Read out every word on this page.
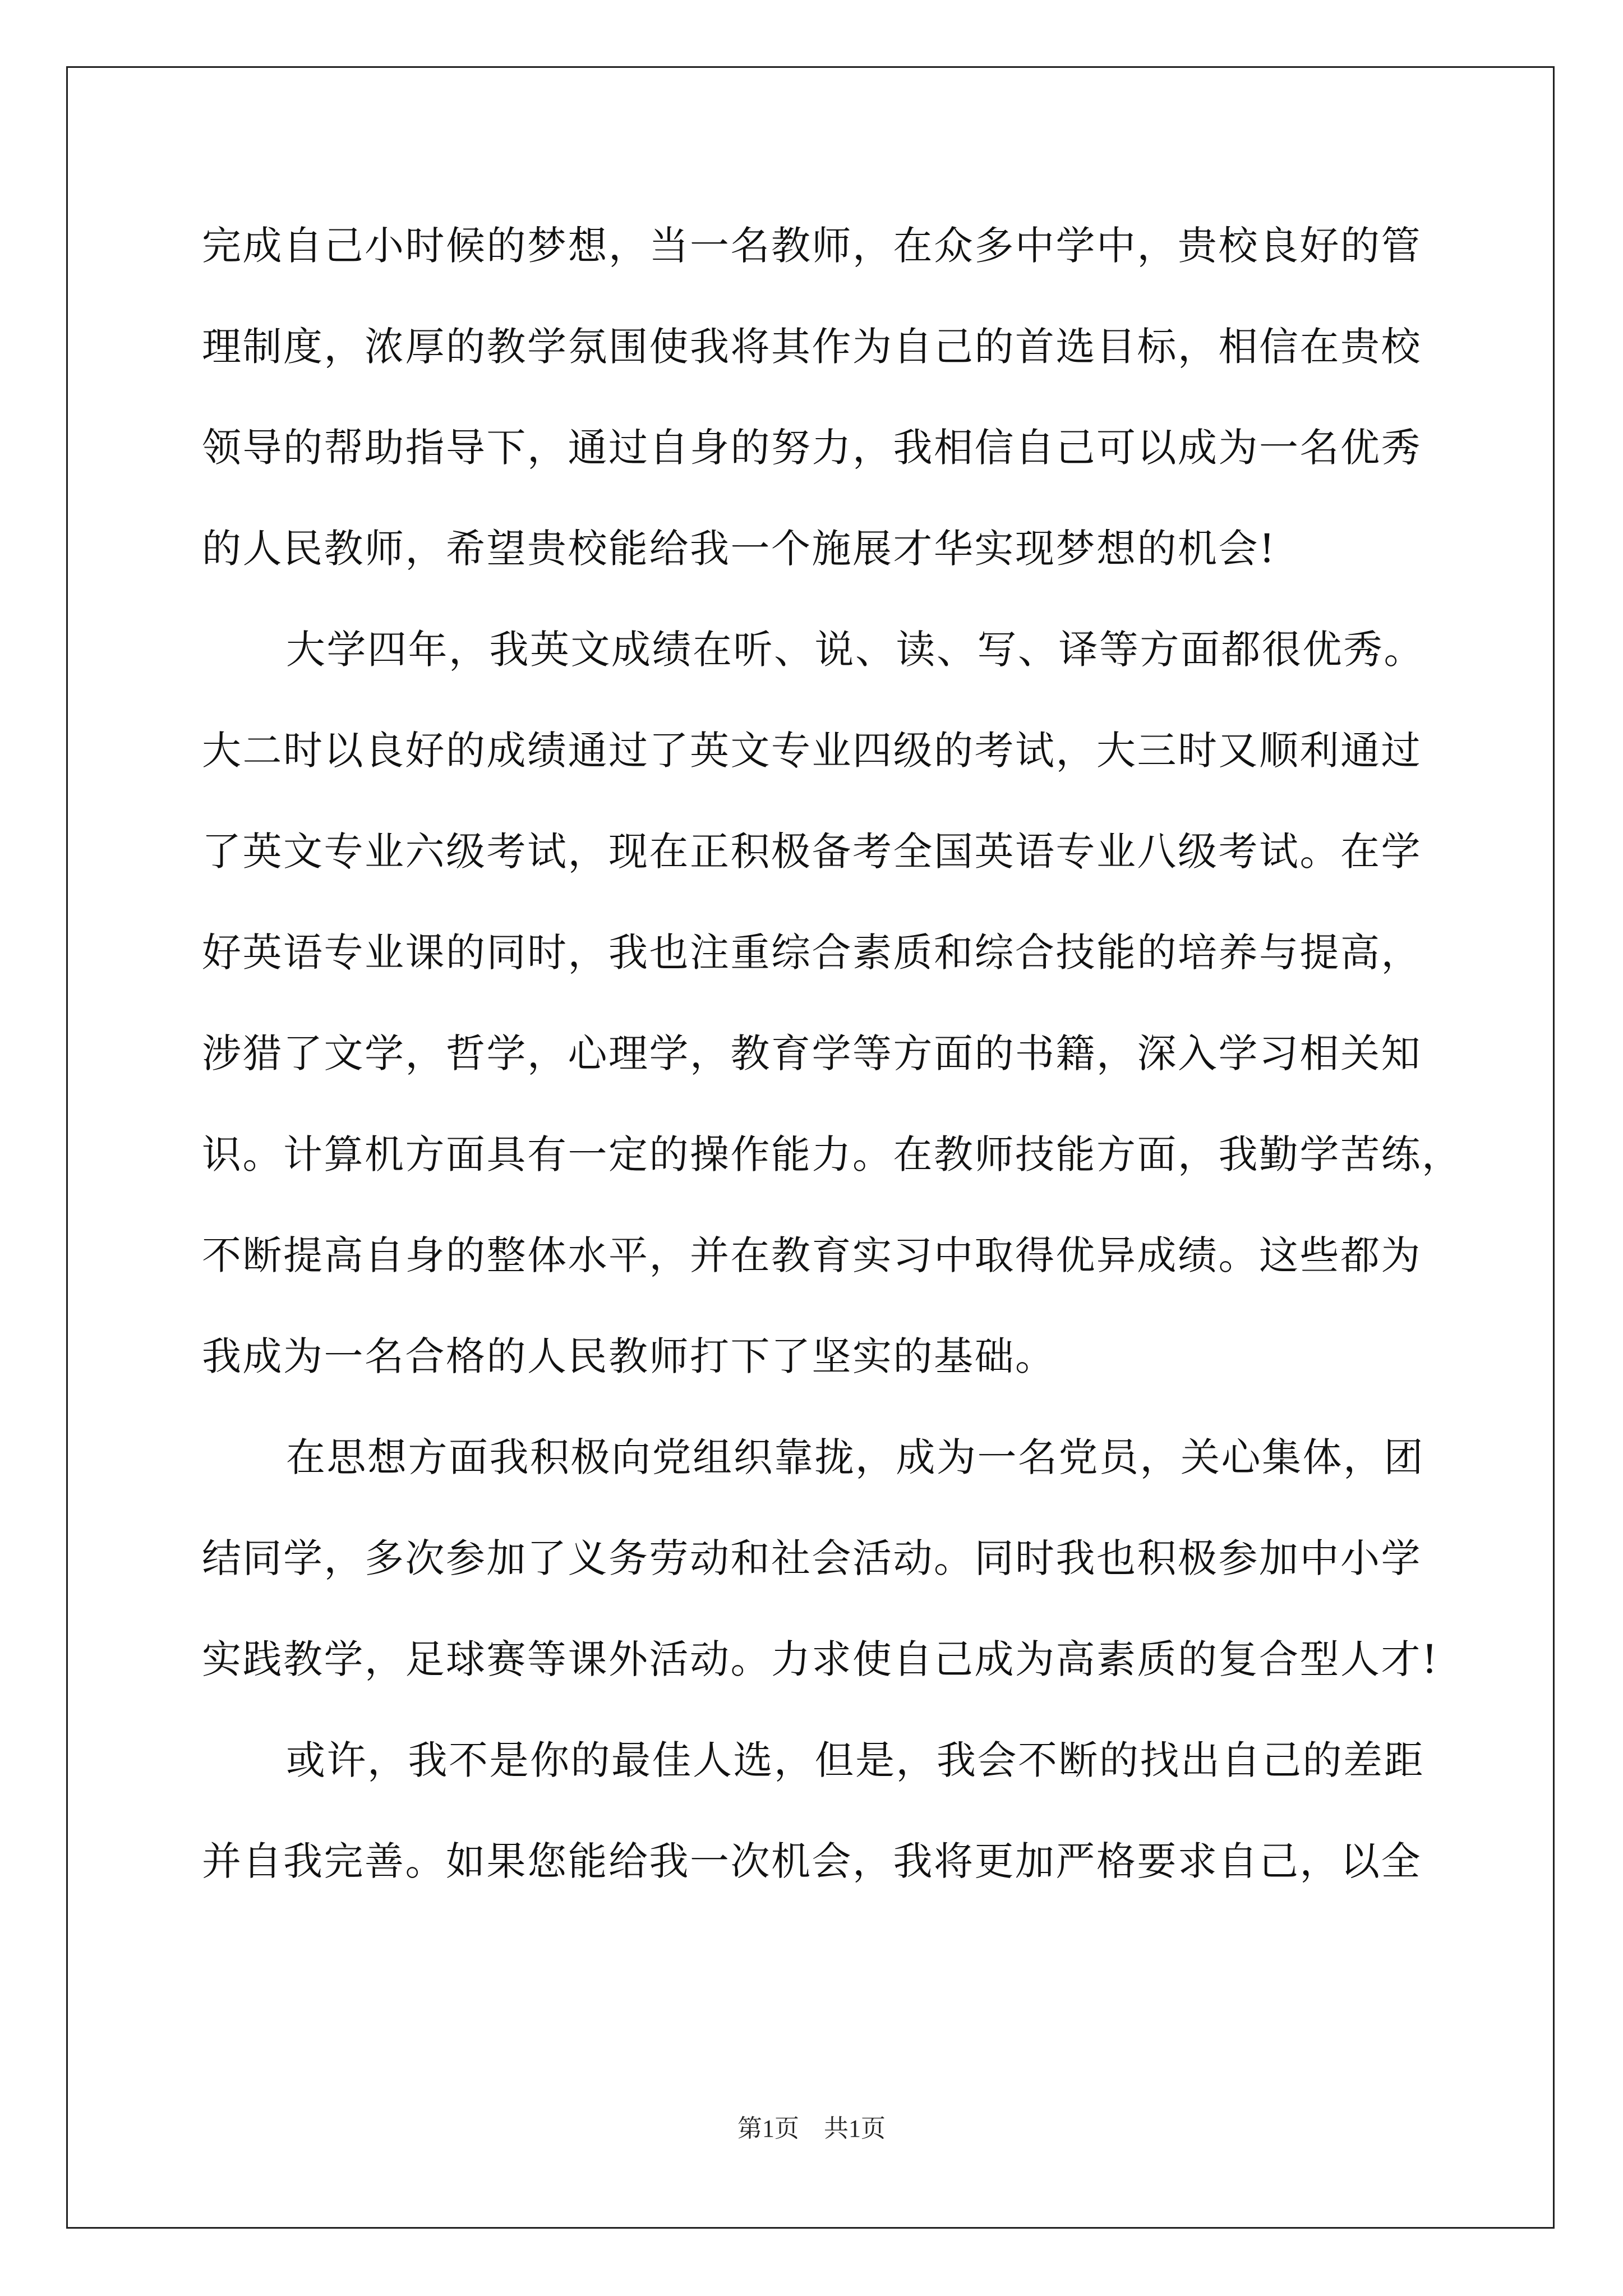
完成自己小时候的梦想，当一名教师，在众多中学中，贵校良好的管
理制度，浓厚的教学氛围使我将其作为自己的首选目标，相信在贵校
领导的帮助指导下，通过自身的努力，我相信自己可以成为一名优秀
的人民教师，希望贵校能给我一个施展才华实现梦想的机会!
大学四年，我英文成绩在听、说、读、写、译等方面都很优秀。
大二时以良好的成绩通过了英文专业四级的考试，大三时又顺利通过
了英文专业六级考试，现在正积极备考全国英语专业八级考试。在学
好英语专业课的同时，我也注重综合素质和综合技能的培养与提高，
涉猎了文学，哲学，心理学，教育学等方面的书籍，深入学习相关知
识。计算机方面具有一定的操作能力。在教师技能方面，我勤学苦练，
不断提高自身的整体水平，并在教育实习中取得优异成绩。这些都为
我成为一名合格的人民教师打下了坚实的基础。
在思想方面我积极向党组织靠拢，成为一名党员，关心集体，团
结同学，多次参加了义务劳动和社会活动。同时我也积极参加中小学
实践教学，足球赛等课外活动。力求使自己成为高素质的复合型人才!
或许，我不是你的最佳人选，但是，我会不断的找出自己的差距
并自我完善。如果您能给我一次机会，我将更加严格要求自己，以全
第1页　共1页
